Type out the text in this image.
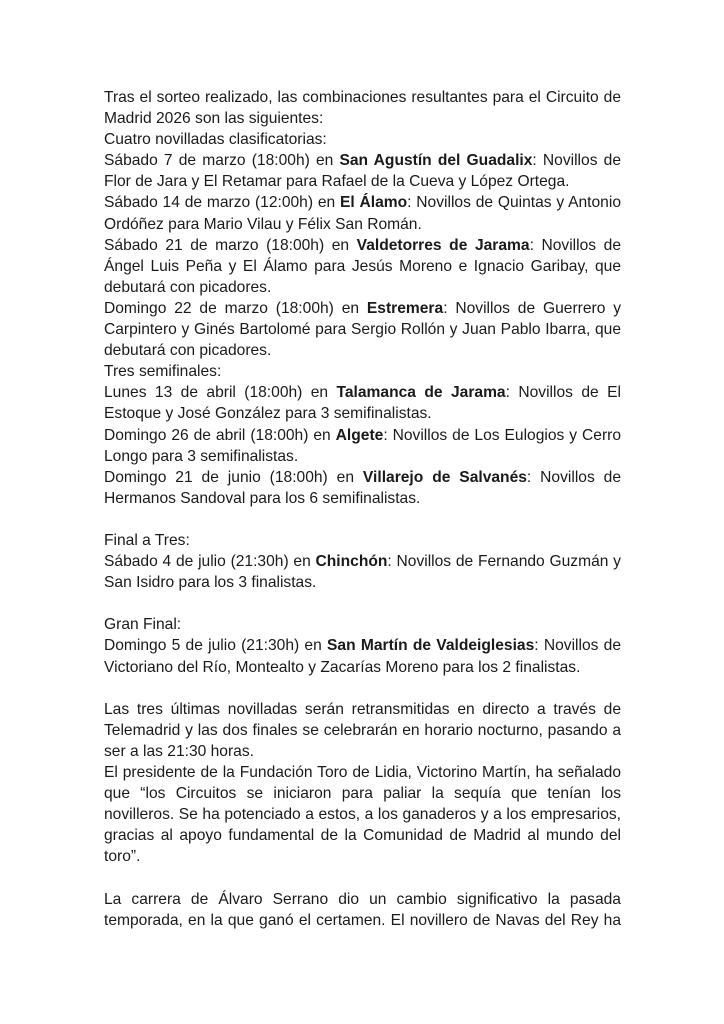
Tras el sorteo realizado, las combinaciones resultantes para el Circuito de Madrid 2026 son las siguientes:

Cuatro novilladas clasificatorias:

Sábado 7 de marzo (18:00h) en San Agustín del Guadalix: Novillos de Flor de Jara y El Retamar para Rafael de la Cueva y López Ortega.

Sábado 14 de marzo (12:00h) en El Álamo: Novillos de Quintas y Antonio Ordóñez para Mario Vilau y Félix San Román.

Sábado 21 de marzo (18:00h) en Valdetorres de Jarama: Novillos de Ángel Luis Peña y El Álamo para Jesús Moreno e Ignacio Garibay, que debutará con picadores.

Domingo 22 de marzo (18:00h) en Estremera: Novillos de Guerrero y Carpintero y Ginés Bartolomé para Sergio Rollón y Juan Pablo Ibarra, que debutará con picadores.

Tres semifinales:

Lunes 13 de abril (18:00h) en Talamanca de Jarama: Novillos de El Estoque y José González para 3 semifinalistas.

Domingo 26 de abril (18:00h) en Algete: Novillos de Los Eulogios y Cerro Longo para 3 semifinalistas.

Domingo 21 de junio (18:00h) en Villarejo de Salvanés: Novillos de Hermanos Sandoval para los 6 semifinalistas.

Final a Tres:

Sábado 4 de julio (21:30h) en Chinchón: Novillos de Fernando Guzmán y San Isidro para los 3 finalistas.

Gran Final:

Domingo 5 de julio (21:30h) en San Martín de Valdeiglesias: Novillos de Victoriano del Río, Montealto y Zacarías Moreno para los 2 finalistas.

Las tres últimas novilladas serán retransmitidas en directo a través de Telemadrid y las dos finales se celebrarán en horario nocturno, pasando a ser a las 21:30 horas.

El presidente de la Fundación Toro de Lidia, Victorino Martín, ha señalado que “los Circuitos se iniciaron para paliar la sequía que tenían los novilleros. Se ha potenciado a estos, a los ganaderos y a los empresarios, gracias al apoyo fundamental de la Comunidad de Madrid al mundo del toro”.

La carrera de Álvaro Serrano dio un cambio significativo la pasada temporada, en la que ganó el certamen. El novillero de Navas del Rey ha
